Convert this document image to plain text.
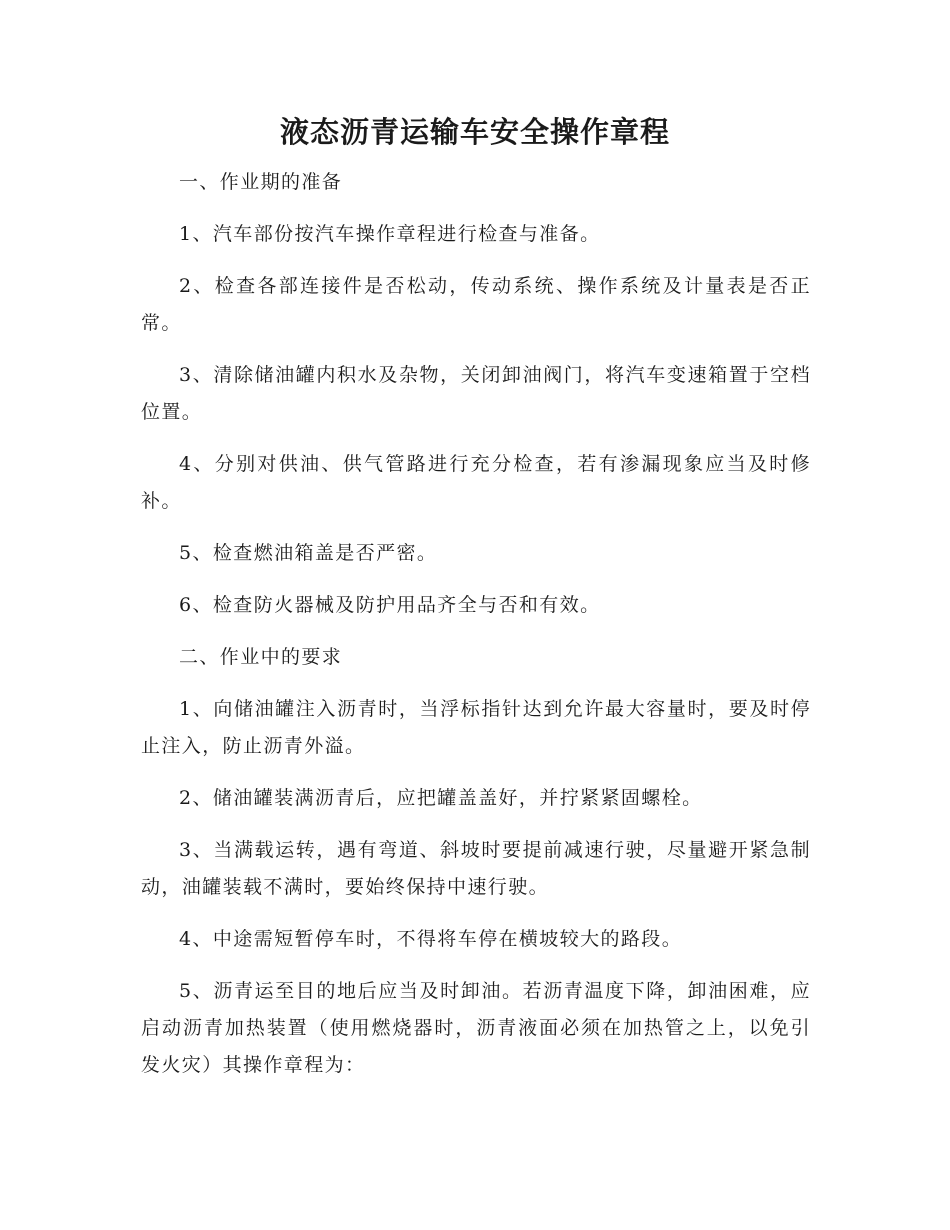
液态沥青运输车安全操作章程

一、作业期的准备

1、汽车部份按汽车操作章程进行检查与准备。

2、检查各部连接件是否松动，传动系统、操作系统及计量表是否正常。

3、清除储油罐内积水及杂物，关闭卸油阀门，将汽车变速箱置于空档位置。

4、分别对供油、供气管路进行充分检查，若有渗漏现象应当及时修补。

5、检查燃油箱盖是否严密。

6、检查防火器械及防护用品齐全与否和有效。

二、作业中的要求

1、向储油罐注入沥青时，当浮标指针达到允许最大容量时，要及时停止注入，防止沥青外溢。

2、储油罐装满沥青后，应把罐盖盖好，并拧紧紧固螺栓。

3、当满载运转，遇有弯道、斜坡时要提前减速行驶，尽量避开紧急制动，油罐装载不满时，要始终保持中速行驶。

4、中途需短暂停车时，不得将车停在横坡较大的路段。

5、沥青运至目的地后应当及时卸油。若沥青温度下降，卸油困难，应启动沥青加热装置（使用燃烧器时，沥青液面必须在加热管之上，以免引发火灾）其操作章程为：
